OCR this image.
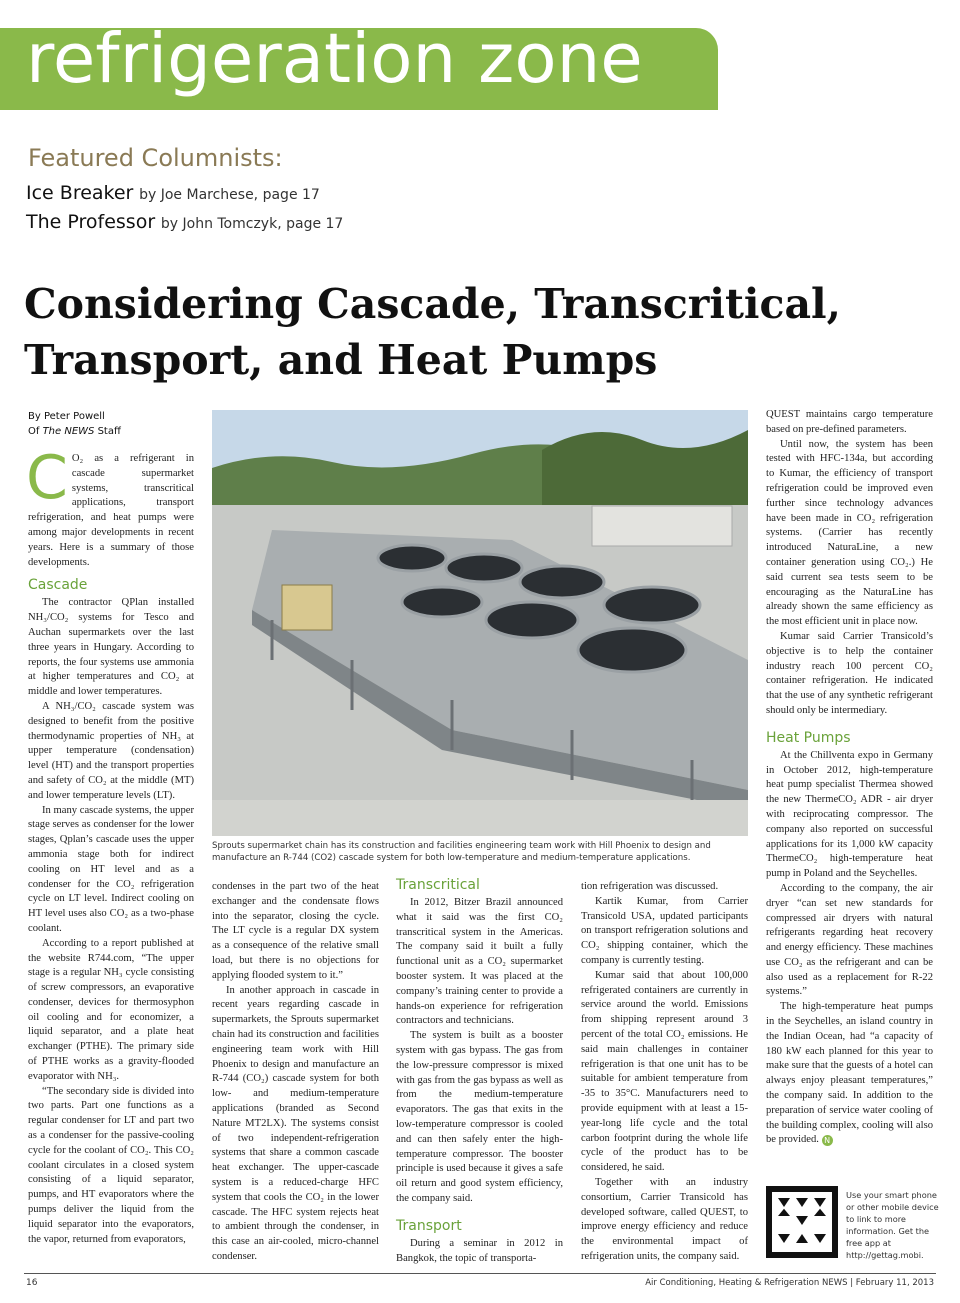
refrigeration zone
Featured Columnists:
Ice Breaker by Joe Marchese, page 17
The Professor by John Tomczyk, page 17
Considering Cascade, Transcritical,
Transport, and Heat Pumps
By Peter Powell
Of The NEWS Staff

C O₂ as a refrigerant in cascade supermarket systems, transcritical applications, transport refrigeration, and heat pumps were among major developments in recent years. Here is a summary of those developments.

Cascade

The contractor QPlan installed NH₃/CO₂ systems for Tesco and Auchan supermarkets over the last three years in Hungary. According to reports, the four systems use ammonia at higher temperatures and CO₂ at middle and lower temperatures.

A NH₃/CO₂ cascade system was designed to benefit from the positive thermodynamic properties of NH₃ at upper temperature (condensation) level (HT) and the transport properties and safety of CO₂ at the middle (MT) and lower temperature levels (LT).

In many cascade systems, the upper stage serves as condenser for the lower stages, Qplan’s cascade uses the upper ammonia stage both for indirect cooling on HT level and as a condenser for the CO₂ refrigeration cycle on LT level. Indirect cooling on HT level uses also CO₂ as a two-phase coolant.

According to a report published at the website R744.com, “The upper stage is a regular NH₃ cycle consisting of screw compressors, an evaporative condenser, devices for thermosyphon oil cooling and for economizer, a liquid separator, and a plate heat exchanger (PTHE). The primary side of PTHE works as a gravity-flooded evaporator with NH₃.

“The secondary side is divided into two parts. Part one functions as a regular condenser for LT and part two as a condenser for the passive-cooling cycle for the coolant of CO₂. This CO₂ coolant circulates in a closed system consisting of a liquid separator, pumps, and HT evaporators where the pumps deliver the liquid from the liquid separator into the evaporators, the vapor, returned from evaporators,

Sprouts supermarket chain has its construction and facilities engineering team work with Hill Phoenix to design and manufacture an R-744 (CO2) cascade system for both low-temperature and medium-temperature applications.

condenses in the part two of the heat exchanger and the condensate flows into the separator, closing the cycle. The LT cycle is a regular DX system as a consequence of the relative small load, but there is no objections for applying flooded system to it.”

In another approach in cascade in recent years regarding cascade in supermarkets, the Sprouts supermarket chain had its construction and facilities engineering team work with Hill Phoenix to design and manufacture an R-744 (CO₂) cascade system for both low- and medium-temperature applications (branded as Second Nature MT2LX). The systems consist of two independent-refrigeration systems that share a common cascade heat exchanger. The upper-cascade system is a reduced-charge HFC system that cools the CO₂ in the lower cascade. The HFC system rejects heat to ambient through the condenser, in this case an air-cooled, micro-channel condenser.

Transcritical

In 2012, Bitzer Brazil announced what it said was the first CO₂ transcritical system in the Americas. The company said it built a fully functional unit as a CO₂ supermarket booster system. It was placed at the company’s training center to provide a hands-on experience for refrigeration contractors and technicians.

The system is built as a booster system with gas bypass. The gas from the low-pressure compressor is mixed with gas from the gas bypass as well as from the medium-temperature evaporators. The gas that exits in the low-temperature compressor is cooled and can then safely enter the high-temperature compressor. The booster principle is used because it gives a safe oil return and good system efficiency, the company said.

Transport

During a seminar in 2012 in Bangkok, the topic of transporta-

tion refrigeration was discussed.

Kartik Kumar, from Carrier Transicold USA, updated participants on transport refrigeration solutions and CO₂ shipping container, which the company is currently testing.

Kumar said that about 100,000 refrigerated containers are currently in service around the world. Emissions from shipping represent around 3 percent of the total CO₂ emissions. He said main challenges in container refrigeration is that one unit has to be suitable for ambient temperature from -35 to 35°C. Manufacturers need to provide equipment with at least a 15-year-long life cycle and the total carbon footprint during the whole life cycle of the product has to be considered, he said.

Together with an industry consortium, Carrier Transicold has developed software, called QUEST, to improve energy efficiency and reduce the environmental impact of refrigeration units, the company said.

QUEST maintains cargo temperature based on pre-defined parameters.

Until now, the system has been tested with HFC-134a, but according to Kumar, the efficiency of transport refrigeration could be improved even further since technology advances have been made in CO₂ refrigeration systems. (Carrier has recently introduced NaturaLine, a new container generation using CO₂.) He said current sea tests seem to be encouraging as the NaturaLine has already shown the same efficiency as the most efficient unit in place now.

Kumar said Carrier Transicold’s objective is to help the container industry reach 100 percent CO₂ container refrigeration. He indicated that the use of any synthetic refrigerant should only be intermediary.

Heat Pumps

At the Chillventa expo in Germany in October 2012, high-temperature heat pump specialist Thermea showed the new ThermeCO₂ ADR - air dryer with reciprocating compressor. The company also reported on successful applications for its 1,000 kW capacity ThermeCO₂ high-temperature heat pump in Poland and the Seychelles.

According to the company, the air dryer “can set new standards for compressed air dryers with natural refrigerants regarding heat recovery and energy efficiency. These machines use CO₂ as the refrigerant and can be also used as a replacement for R-22 systems.”

The high-temperature heat pumps in the Seychelles, an island country in the Indian Ocean, had “a capacity of 180 kW each planned for this year to make sure that the guests of a hotel can always enjoy pleasant temperatures,” the company said. In addition to the preparation of service water cooling of the building complex, cooling will also be provided. N

Use your smart phone or other mobile device to link to more information. Get the free app at http://gettag.mobi.
16	Air Conditioning, Heating & Refrigeration NEWS | February 11, 2013
